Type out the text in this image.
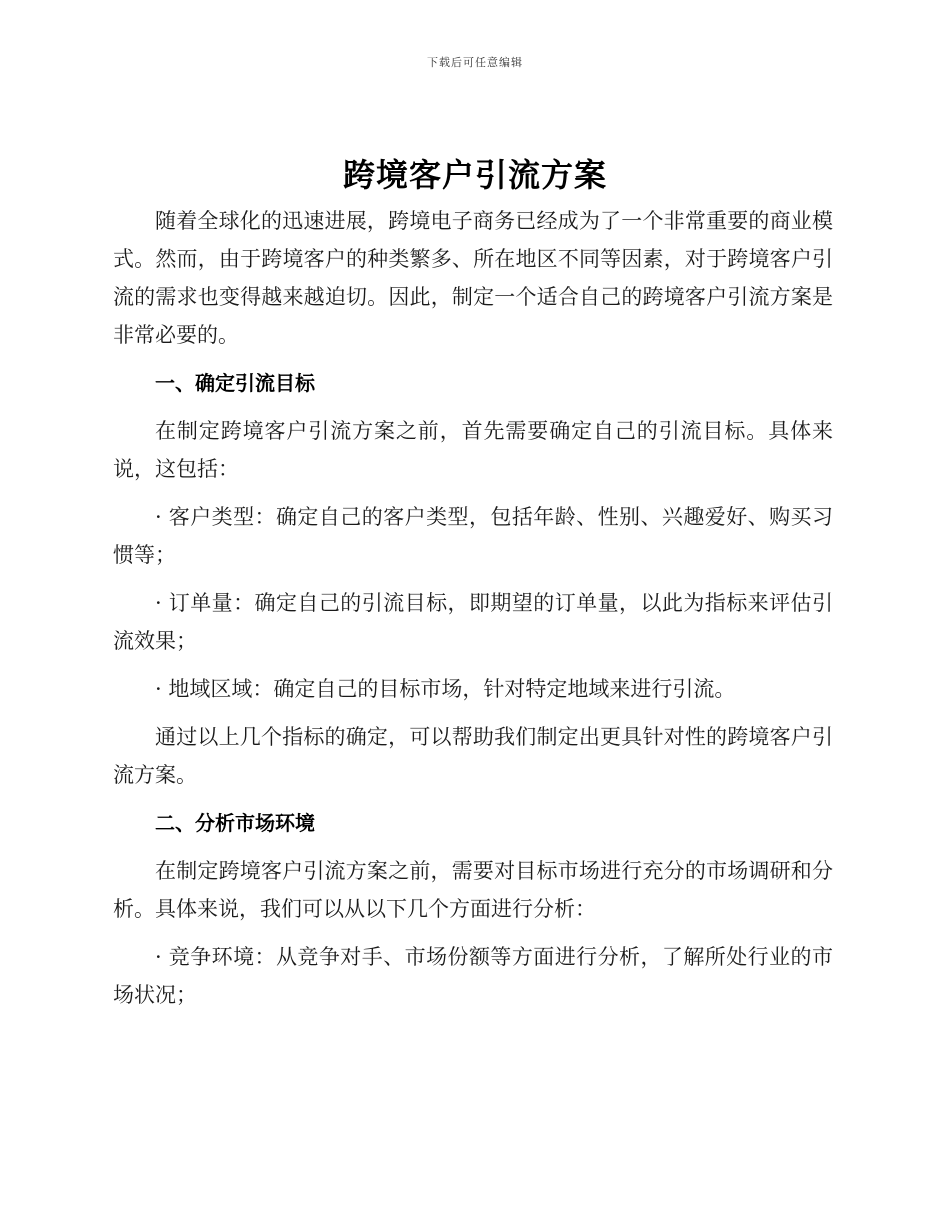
下载后可任意编辑
跨境客户引流方案

随着全球化的迅速进展，跨境电子商务已经成为了一个非常重要的商业模式。然而，由于跨境客户的种类繁多、所在地区不同等因素，对于跨境客户引流的需求也变得越来越迫切。因此，制定一个适合自己的跨境客户引流方案是非常必要的。

一、确定引流目标

在制定跨境客户引流方案之前，首先需要确定自己的引流目标。具体来说，这包括：

· 客户类型：确定自己的客户类型，包括年龄、性别、兴趣爱好、购买习惯等；

· 订单量：确定自己的引流目标，即期望的订单量，以此为指标来评估引流效果；

· 地域区域：确定自己的目标市场，针对特定地域来进行引流。

通过以上几个指标的确定，可以帮助我们制定出更具针对性的跨境客户引流方案。

二、分析市场环境

在制定跨境客户引流方案之前，需要对目标市场进行充分的市场调研和分析。具体来说，我们可以从以下几个方面进行分析：

· 竞争环境：从竞争对手、市场份额等方面进行分析，了解所处行业的市场状况；
